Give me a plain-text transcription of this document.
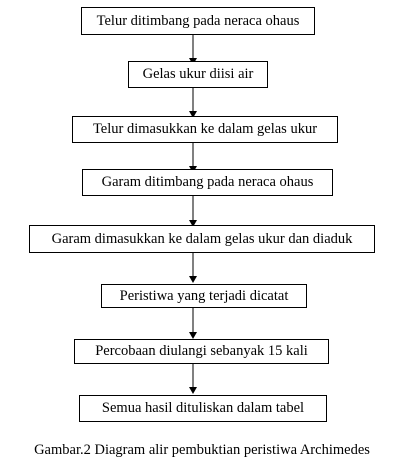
Telur ditimbang pada neraca ohaus
Gelas ukur diisi air
Telur dimasukkan ke dalam gelas ukur
Garam ditimbang pada neraca ohaus
Garam dimasukkan ke dalam gelas ukur dan diaduk
Peristiwa yang terjadi dicatat
Percobaan diulangi sebanyak 15 kali
Semua hasil dituliskan dalam tabel
Gambar.2 Diagram alir pembuktian peristiwa Archimedes
